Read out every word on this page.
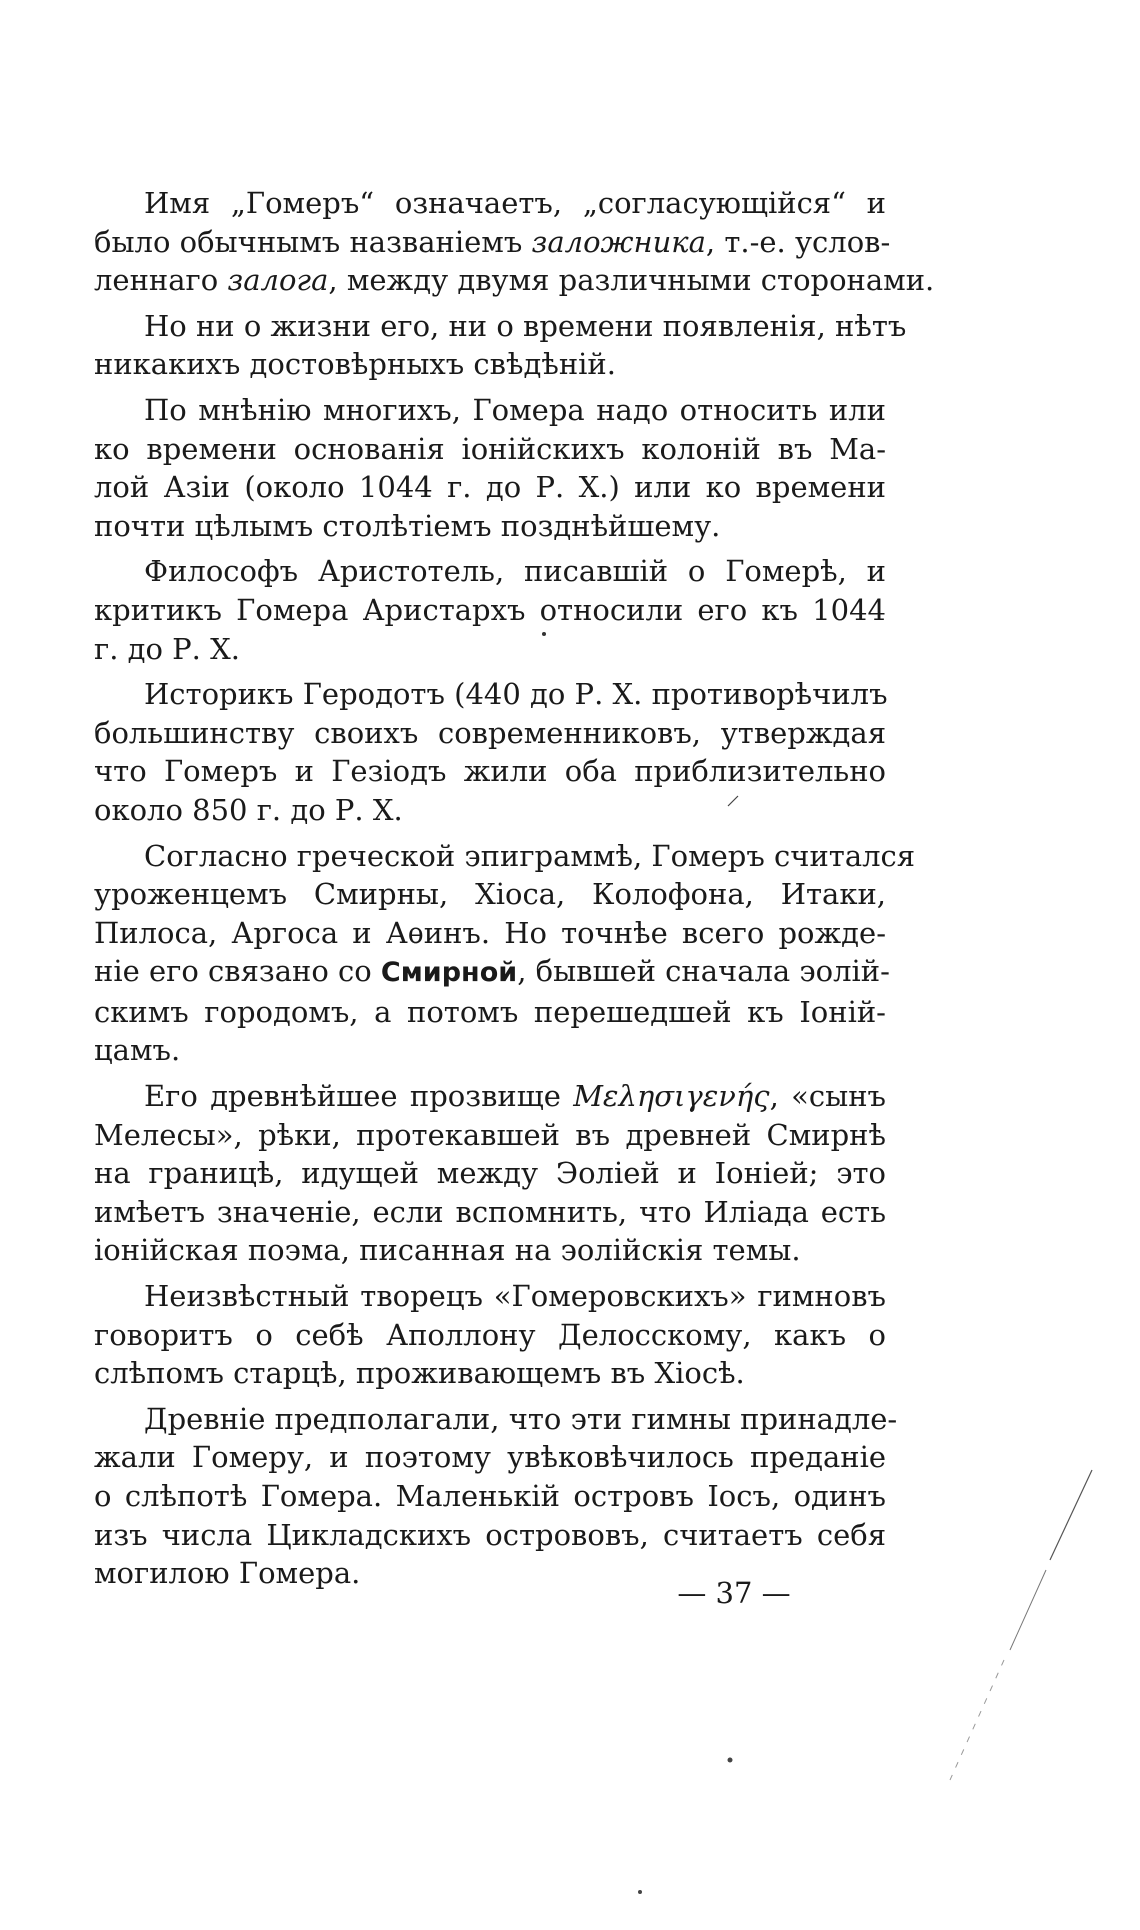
Имя „Гомеръ“ означаетъ, „согласующійся“ и
было обычнымъ названіемъ заложника, т.-е. услов-
леннаго залога, между двумя различными сторонами.

Но ни о жизни его, ни о времени появленія, нѣтъ
никакихъ достовѣрныхъ свѣдѣній.

По мнѣнію многихъ, Гомера надо относить или
ко времени основанія іонійскихъ колоній въ Ма-
лой Азіи (около 1044 г. до Р. X.) или ко времени
почти цѣлымъ столѣтіемъ позднѣйшему.

Философъ Аристотель, писавшій о Гомерѣ, и
критикъ Гомера Аристархъ относили его къ 1044
г. до Р. X.

Историкъ Геродотъ (440 до Р. X. противорѣчилъ
большинству своихъ современниковъ, утверждая
что Гомеръ и Гезіодъ жили оба приблизительно
около 850 г. до Р. X.

Согласно греческой эпиграммѣ, Гомеръ считался
уроженцемъ Смирны, Хіоса, Колофона, Итаки,
Пилоса, Аргоса и Аѳинъ. Но точнѣе всего рожде-
ніе его связано со Смирной, бывшей сначала эолій-
скимъ городомъ, а потомъ перешедшей къ Іоній-
цамъ.

Его древнѣйшее прозвище Μελησιγενής, «сынъ
Мелесы», рѣки, протекавшей въ древней Смирнѣ
на границѣ, идущей между Эоліей и Іоніей; это
имѣетъ значеніе, если вспомнить, что Иліада есть
іонійская поэма, писанная на эолійскія темы.

Неизвѣстный творецъ «Гомеровскихъ» гимновъ
говоритъ о себѣ Аполлону Делосскому, какъ о
слѣпомъ старцѣ, проживающемъ въ Хіосѣ.

Древніе предполагали, что эти гимны принадле-
жали Гомеру, и поэтому увѣковѣчилось преданіе
о слѣпотѣ Гомера. Маленькій островъ Іосъ, одинъ
изъ числа Цикладскихъ острововъ, считаетъ себя
могилою Гомера.

— 37 —
